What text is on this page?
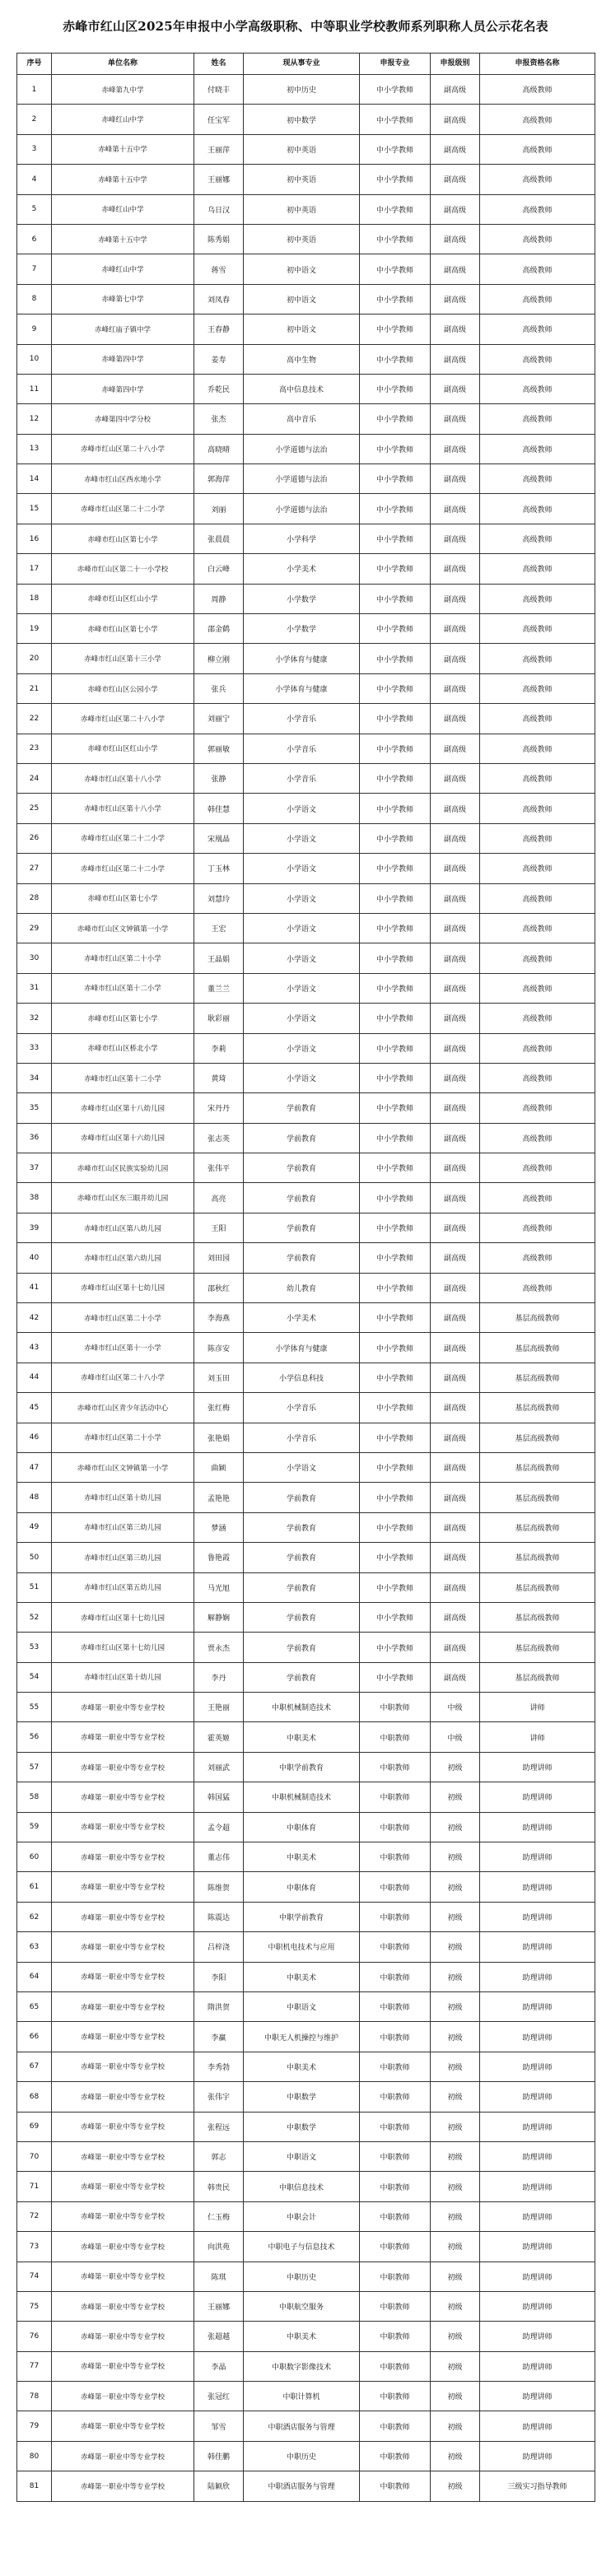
赤峰市红山区2025年申报中小学高级职称、中等职业学校教师系列职称人员公示花名表
序号	单位名称	姓名	现从事专业	申报专业	申报级别	申报资格名称
1	赤峰第九中学	付晓丰	初中历史	中小学教师	副高级	高级教师
2	赤峰红山中学	任宝军	初中数学	中小学教师	副高级	高级教师
3	赤峰第十五中学	王丽萍	初中英语	中小学教师	副高级	高级教师
4	赤峰第十五中学	王丽娜	初中英语	中小学教师	副高级	高级教师
5	赤峰红山中学	乌日汉	初中英语	中小学教师	副高级	高级教师
6	赤峰第十五中学	陈秀娟	初中英语	中小学教师	副高级	高级教师
7	赤峰红山中学	蒋雪	初中语文	中小学教师	副高级	高级教师
8	赤峰第七中学	刘凤春	初中语文	中小学教师	副高级	高级教师
9	赤峰红庙子镇中学	王春静	初中语文	中小学教师	副高级	高级教师
10	赤峰第四中学	姜寿	高中生物	中小学教师	副高级	高级教师
11	赤峰第四中学	乔乾民	高中信息技术	中小学教师	副高级	高级教师
12	赤峰第四中学分校	张杰	高中音乐	中小学教师	副高级	高级教师
13	赤峰市红山区第二十八小学	高晓晴	小学道德与法治	中小学教师	副高级	高级教师
14	赤峰市红山区西水地小学	郭海萍	小学道德与法治	中小学教师	副高级	高级教师
15	赤峰市红山区第二十二小学	刘丽	小学道德与法治	中小学教师	副高级	高级教师
16	赤峰市红山区第七小学	张晨晨	小学科学	中小学教师	副高级	高级教师
17	赤峰市红山区第二十一小学校	白云峰	小学美术	中小学教师	副高级	高级教师
18	赤峰市红山区红山小学	周静	小学数学	中小学教师	副高级	高级教师
19	赤峰市红山区第七小学	邵金鹤	小学数学	中小学教师	副高级	高级教师
20	赤峰市红山区第十三小学	柳立刚	小学体育与健康	中小学教师	副高级	高级教师
21	赤峰市红山区公园小学	张兵	小学体育与健康	中小学教师	副高级	高级教师
22	赤峰市红山区第二十八小学	刘丽宁	小学音乐	中小学教师	副高级	高级教师
23	赤峰市红山区红山小学	郭丽敏	小学音乐	中小学教师	副高级	高级教师
24	赤峰市红山区第十八小学	张静	小学音乐	中小学教师	副高级	高级教师
25	赤峰市红山区第十八小学	韩佳慧	小学语文	中小学教师	副高级	高级教师
26	赤峰市红山区第二十二小学	宋凰晶	小学语文	中小学教师	副高级	高级教师
27	赤峰市红山区第二十二小学	丁玉林	小学语文	中小学教师	副高级	高级教师
28	赤峰市红山区第七小学	刘慧玲	小学语文	中小学教师	副高级	高级教师
29	赤峰市红山区文钟镇第一小学	王宏	小学语文	中小学教师	副高级	高级教师
30	赤峰市红山区第二十小学	王晶娟	小学语文	中小学教师	副高级	高级教师
31	赤峰市红山区第十二小学	董兰兰	小学语文	中小学教师	副高级	高级教师
32	赤峰市红山区第七小学	耿彩丽	小学语文	中小学教师	副高级	高级教师
33	赤峰市红山区桥北小学	李莉	小学语文	中小学教师	副高级	高级教师
34	赤峰市红山区第十二小学	黄琦	小学语文	中小学教师	副高级	高级教师
35	赤峰市红山区第十八幼儿园	宋丹丹	学前教育	中小学教师	副高级	高级教师
36	赤峰市红山区第十六幼儿园	张志英	学前教育	中小学教师	副高级	高级教师
37	赤峰市红山区民族实验幼儿园	张伟平	学前教育	中小学教师	副高级	高级教师
38	赤峰市红山区东三眼井幼儿园	高亮	学前教育	中小学教师	副高级	高级教师
39	赤峰市红山区第八幼儿园	王阳	学前教育	中小学教师	副高级	高级教师
40	赤峰市红山区第六幼儿园	刘田园	学前教育	中小学教师	副高级	高级教师
41	赤峰市红山区第十七幼儿园	邵秋红	幼儿教育	中小学教师	副高级	高级教师
42	赤峰市红山区第二十小学	李海燕	小学美术	中小学教师	副高级	基层高级教师
43	赤峰市红山区第十一小学	陈彦安	小学体育与健康	中小学教师	副高级	基层高级教师
44	赤峰市红山区第二十八小学	刘玉田	小学信息科技	中小学教师	副高级	基层高级教师
45	赤峰市红山区青少年活动中心	张红梅	小学音乐	中小学教师	副高级	基层高级教师
46	赤峰市红山区第二十小学	张艳娟	小学音乐	中小学教师	副高级	基层高级教师
47	赤峰市红山区文钟镇第一小学	曲颖	小学语文	中小学教师	副高级	基层高级教师
48	赤峰市红山区第十幼儿园	孟艳艳	学前教育	中小学教师	副高级	基层高级教师
49	赤峰市红山区第三幼儿园	梦涵	学前教育	中小学教师	副高级	基层高级教师
50	赤峰市红山区第三幼儿园	鲁艳霞	学前教育	中小学教师	副高级	基层高级教师
51	赤峰市红山区第五幼儿园	马光旭	学前教育	中小学教师	副高级	基层高级教师
52	赤峰市红山区第十七幼儿园	解静娴	学前教育	中小学教师	副高级	基层高级教师
53	赤峰市红山区第十七幼儿园	贾永杰	学前教育	中小学教师	副高级	基层高级教师
54	赤峰市红山区第十幼儿园	李丹	学前教育	中小学教师	副高级	基层高级教师
55	赤峰第一职业中等专业学校	王艳丽	中职机械制造技术	中职教师	中级	讲师
56	赤峰第一职业中等专业学校	霍英姬	中职美术	中职教师	中级	讲师
57	赤峰第一职业中等专业学校	刘丽武	中职学前教育	中职教师	初级	助理讲师
58	赤峰第一职业中等专业学校	韩国猛	中职机械制造技术	中职教师	初级	助理讲师
59	赤峰第一职业中等专业学校	孟令超	中职体育	中职教师	初级	助理讲师
60	赤峰第一职业中等专业学校	董志伟	中职美术	中职教师	初级	助理讲师
61	赤峰第一职业中等专业学校	陈维贺	中职体育	中职教师	初级	助理讲师
62	赤峰第一职业中等专业学校	陈震达	中职学前教育	中职教师	初级	助理讲师
63	赤峰第一职业中等专业学校	吕梓浇	中职机电技术与应用	中职教师	初级	助理讲师
64	赤峰第一职业中等专业学校	李阳	中职美术	中职教师	初级	助理讲师
65	赤峰第一职业中等专业学校	隋洪贺	中职语文	中职教师	初级	助理讲师
66	赤峰第一职业中等专业学校	李赢	中职无人机操控与维护	中职教师	初级	助理讲师
67	赤峰第一职业中等专业学校	李秀勃	中职美术	中职教师	初级	助理讲师
68	赤峰第一职业中等专业学校	张伟宇	中职数学	中职教师	初级	助理讲师
69	赤峰第一职业中等专业学校	张程远	中职数学	中职教师	初级	助理讲师
70	赤峰第一职业中等专业学校	郭志	中职语文	中职教师	初级	助理讲师
71	赤峰第一职业中等专业学校	韩贵民	中职信息技术	中职教师	初级	助理讲师
72	赤峰第一职业中等专业学校	仁玉梅	中职会计	中职教师	初级	助理讲师
73	赤峰第一职业中等专业学校	向洪苑	中职电子与信息技术	中职教师	初级	助理讲师
74	赤峰第一职业中等专业学校	陈琪	中职历史	中职教师	初级	助理讲师
75	赤峰第一职业中等专业学校	王丽娜	中职航空服务	中职教师	初级	助理讲师
76	赤峰第一职业中等专业学校	张超越	中职美术	中职教师	初级	助理讲师
77	赤峰第一职业中等专业学校	李晶	中职数字影像技术	中职教师	初级	助理讲师
78	赤峰第一职业中等专业学校	张冠红	中职计算机	中职教师	初级	助理讲师
79	赤峰第一职业中等专业学校	邹雪	中职酒店服务与管理	中职教师	初级	助理讲师
80	赤峰第一职业中等专业学校	韩佳鹏	中职历史	中职教师	初级	助理讲师
81	赤峰第一职业中等专业学校	陆颖欣	中职酒店服务与管理	中职教师	初级	三级实习指导教师
